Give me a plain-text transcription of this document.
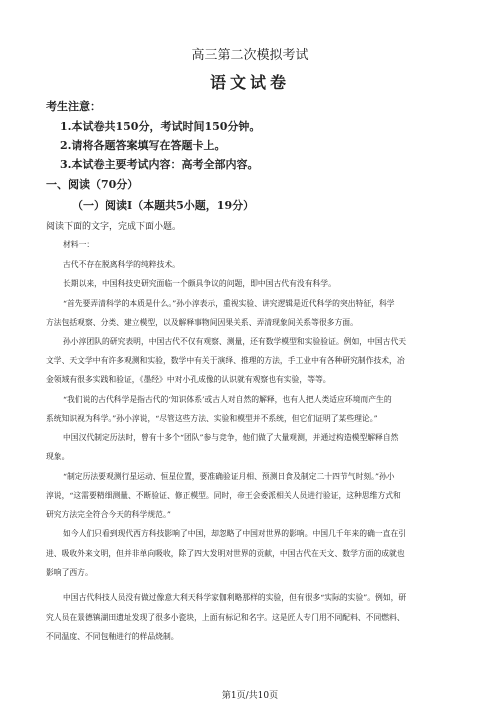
高三第二次模拟考试
语文试卷
考生注意：
1.本试卷共150分，考试时间150分钟。
2.请将各题答案填写在答题卡上。
3.本试卷主要考试内容：高考全部内容。
一、阅读（70分）
（一）阅读Ⅰ（本题共5小题，19分）
阅读下面的文字，完成下面小题。
材料一：
古代不存在脱离科学的纯粹技术。
长期以来，中国科技史研究面临一个颇具争议的问题，即中国古代有没有科学。
“首先要弄清科学的本质是什么。”孙小淳表示，重视实验、讲究逻辑是近代科学的突出特征，科学
方法包括观察、分类、建立模型，以及解释事物间因果关系、弄清现象间关系等很多方面。
孙小淳团队的研究表明，中国古代不仅有观察、测量，还有数学模型和实验验证。例如，中国古代天
文学、天文学中有许多观测和实验，数学中有关于演绎、推理的方法，手工业中有各种研究制作技术，冶
金领域有很多实践和验证，《墨经》中对小孔成像的认识就有观察也有实验，等等。
“我们说的古代科学是指古代的‘知识体系’或古人对自然的解释，也有人把人类适应环境而产生的
系统知识视为科学。”孙小淳说，“尽管这些方法、实验和模型并不系统，但它们证明了某些理论。”
中国汉代制定历法时，曾有十多个“团队”参与竞争，他们做了大量观测，并通过构造模型解释自然
现象。
“制定历法要观测行星运动、恒星位置，要准确验证月相、预测日食及制定二十四节气时刻。”孙小
淳说，“这需要精细测量、不断验证、修正模型。同时，帝王会委派相关人员进行验证，这种思维方式和
研究方法完全符合今天的科学规范。”
如今人们只看到现代西方科技影响了中国，却忽略了中国对世界的影响。中国几千年来的确一直在引
进、吸收外来文明，但并非单向吸收，除了四大发明对世界的贡献，中国古代在天文、数学方面的成就也
影响了西方。
中国古代科技人员没有做过像意大利天科学家伽利略那样的实验，但有很多“实际的实验”。例如，研
究人员在景德镇湖田遗址发现了很多小瓷块，上面有标记和名字。这是匠人专门用不同配料、不同燃料、
不同温度、不同包釉进行的样品烧制。
第1页/共10页
